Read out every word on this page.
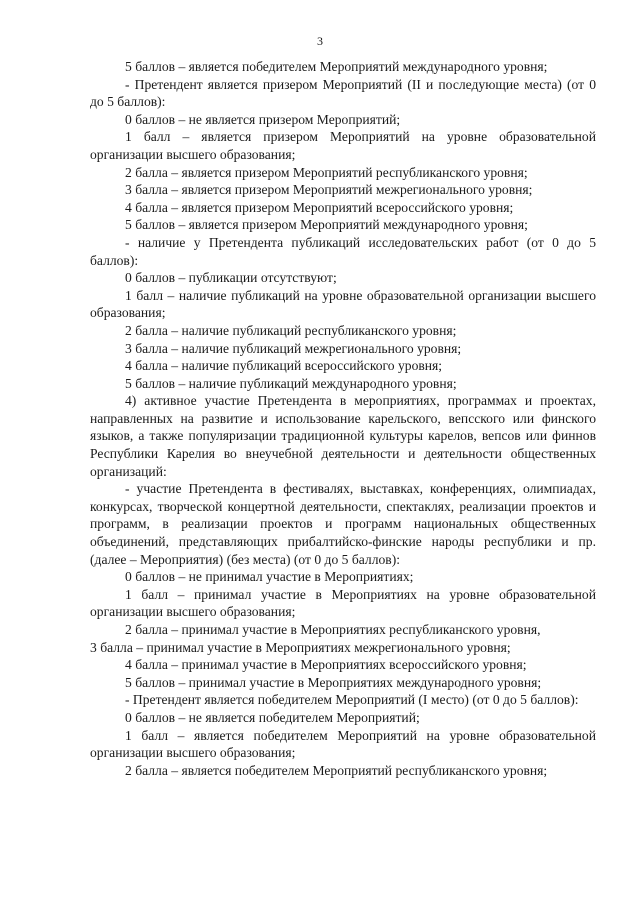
3

5 баллов – является победителем Мероприятий международного уровня;

- Претендент является призером Мероприятий (II и последующие места) (от 0 до 5 баллов):

0 баллов – не является призером Мероприятий;

1 балл – является призером Мероприятий на уровне образовательной организации высшего образования;

2 балла – является призером Мероприятий республиканского уровня;

3 балла – является призером Мероприятий межрегионального уровня;

4 балла – является призером Мероприятий всероссийского уровня;

5 баллов – является призером Мероприятий международного уровня;

- наличие у Претендента публикаций исследовательских работ (от 0 до 5 баллов):

0 баллов – публикации отсутствуют;

1 балл – наличие публикаций на уровне образовательной организации высшего образования;

2 балла – наличие публикаций республиканского уровня;

3 балла – наличие публикаций межрегионального уровня;

4 балла – наличие публикаций всероссийского уровня;

5 баллов – наличие публикаций международного уровня;

4) активное участие Претендента в мероприятиях, программах и проектах, направленных на развитие и использование карельского, вепсского или финского языков, а также популяризации традиционной культуры карелов, вепсов или финнов Республики Карелия во внеучебной деятельности и деятельности общественных организаций:

- участие Претендента в фестивалях, выставках, конференциях, олимпиадах, конкурсах, творческой концертной деятельности, спектаклях, реализации проектов и программ, в реализации проектов и программ национальных общественных объединений, представляющих прибалтийско-финские народы республики и пр. (далее – Мероприятия) (без места) (от 0 до 5 баллов):

0 баллов – не принимал участие в Мероприятиях;

1 балл – принимал участие в Мероприятиях на уровне образовательной организации высшего образования;

2 балла – принимал участие в Мероприятиях республиканского уровня,

3 балла – принимал участие в Мероприятиях межрегионального уровня;

4 балла – принимал участие в Мероприятиях всероссийского уровня;

5 баллов – принимал участие в Мероприятиях международного уровня;

- Претендент является победителем Мероприятий (I место) (от 0 до 5 баллов):

0 баллов – не является победителем Мероприятий;

1 балл – является победителем Мероприятий на уровне образовательной организации высшего образования;

2 балла – является победителем Мероприятий республиканского уровня;
